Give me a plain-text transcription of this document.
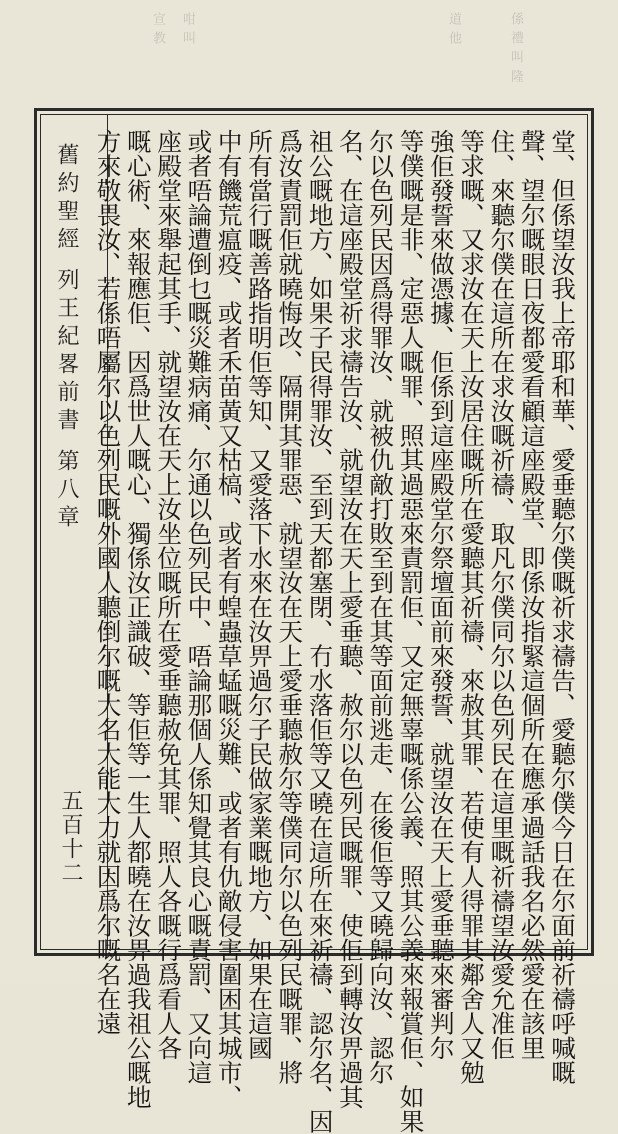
宣 教 咁 叫	道 他	係 禮 叫 隆
舊約聖經 列王紀畧前書 第八章
五百十二	堂、但係望汝我上帝耶和華、愛垂聽尔僕嘅祈求禱告、愛聽尔僕今日在尔面前祈禱呼喊嘅
聲、望尔嘅眼日夜都愛看顧這座殿堂、即係汝指緊這個所在應承過話我名必然愛在該里
住、來聽尔僕在這所在求汝嘅祈禱、取凡尔僕同尔以色列民在這里嘅祈禱望汝愛允准佢
等求嘅、又求汝在天上汝居住嘅所在愛聽其祈禱、來赦其罪、若使有人得罪其鄰舍人又勉
強佢發誓來做憑據、佢係到這座殿堂尔祭壇面前來發誓、就望汝在天上愛垂聽來審判尔
等僕嘅是非、定惡人嘅罪、照其過惡來責罰佢、又定無辜嘅係公義、照其公義來報賞佢、如果
尔以色列民因爲得罪汝、就被仇敵打敗至到在其等面前逃走、在後佢等又曉歸向汝、認尔
名、在這座殿堂祈求禱告汝、就望汝在天上愛垂聽、赦尔以色列民嘅罪、使佢到轉汝畀過其
祖公嘅地方、如果子民得罪汝、至到天都塞閉、冇水落佢等又曉在這所在來祈禱、認尔名、因
爲汝責罰佢就曉悔改、隔開其罪惡、就望汝在天上愛垂聽赦尔等僕同尔以色列民嘅罪、將
所有當行嘅善路指明佢等知、又愛落下水來在汝畀過尔子民做家業嘅地方、如果在這國
中有饑荒瘟疫、或者禾苗黃又枯槁、或者有蝗蟲草蜢嘅災難、或者有仇敵侵害圍困其城市、
或者唔論遭倒乜嘅災難病痛、尔通以色列民中、唔論那個人係知覺其良心嘅責罰、又向這
座殿堂來舉起其手、就望汝在天上汝坐位嘅所在愛垂聽赦免其罪、照人各嘅行爲看人各
嘅心術、來報應佢、因爲世人嘅心、獨係汝正識破、等佢等一生人都曉在汝畀過我祖公嘅地
方來敬畏汝、若係唔屬尔以色列民嘅外國人聽倒尔嘅大名大能大力就因爲尔嘅名在遠
